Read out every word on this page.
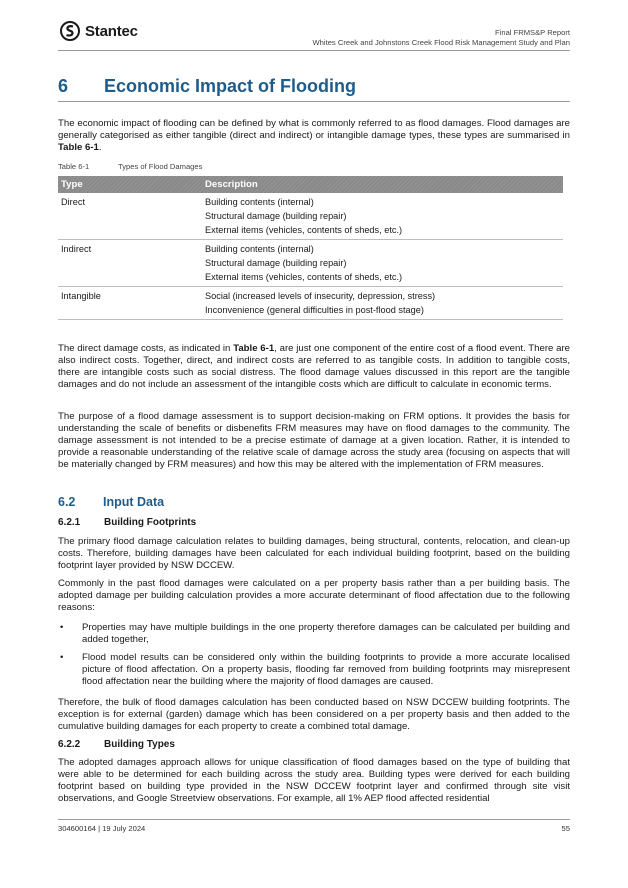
Stantec	Final FRMS&P Report
Whites Creek and Johnstons Creek Flood Risk Management Study and Plan
6	Economic Impact of Flooding
The economic impact of flooding can be defined by what is commonly referred to as flood damages. Flood damages are generally categorised as either tangible (direct and indirect) or intangible damage types, these types are summarised in Table 6-1.
Table 6-1	Types of Flood Damages
Type	Description
Direct	Building contents (internal)
Structural damage (building repair)
External items (vehicles, contents of sheds, etc.)
Indirect	Building contents (internal)
Structural damage (building repair)
External items (vehicles, contents of sheds, etc.)
Intangible	Social (increased levels of insecurity, depression, stress)
Inconvenience (general difficulties in post-flood stage)
The direct damage costs, as indicated in Table 6-1, are just one component of the entire cost of a flood event. There are also indirect costs. Together, direct, and indirect costs are referred to as tangible costs. In addition to tangible costs, there are intangible costs such as social distress. The flood damage values discussed in this report are the tangible damages and do not include an assessment of the intangible costs which are difficult to calculate in economic terms.
The purpose of a flood damage assessment is to support decision-making on FRM options. It provides the basis for understanding the scale of benefits or disbenefits FRM measures may have on flood damages to the community. The damage assessment is not intended to be a precise estimate of damage at a given location. Rather, it is intended to provide a reasonable understanding of the relative scale of damage across the study area (focusing on aspects that will be materially changed by FRM measures) and how this may be altered with the implementation of FRM measures.
6.2	Input Data
6.2.1	Building Footprints
The primary flood damage calculation relates to building damages, being structural, contents, relocation, and clean-up costs. Therefore, building damages have been calculated for each individual building footprint, based on the building footprint layer provided by NSW DCCEW.
Commonly in the past flood damages were calculated on a per property basis rather than a per building basis. The adopted damage per building calculation provides a more accurate determinant of flood affectation due to the following reasons:
•	Properties may have multiple buildings in the one property therefore damages can be calculated per building and added together,
•	Flood model results can be considered only within the building footprints to provide a more accurate localised picture of flood affectation. On a property basis, flooding far removed from building footprints may misrepresent flood affectation near the building where the majority of flood damages are caused.
Therefore, the bulk of flood damages calculation has been conducted based on NSW DCCEW building footprints. The exception is for external (garden) damage which has been considered on a per property basis and then added to the cumulative building damages for each property to create a combined total damage.
6.2.2	Building Types
The adopted damages approach allows for unique classification of flood damages based on the type of building that were able to be determined for each building across the study area. Building types were derived for each building footprint based on building type provided in the NSW DCCEW footprint layer and confirmed through site visit observations, and Google Streetview observations. For example, all 1% AEP flood affected residential
304600164 | 19 July 2024	55
